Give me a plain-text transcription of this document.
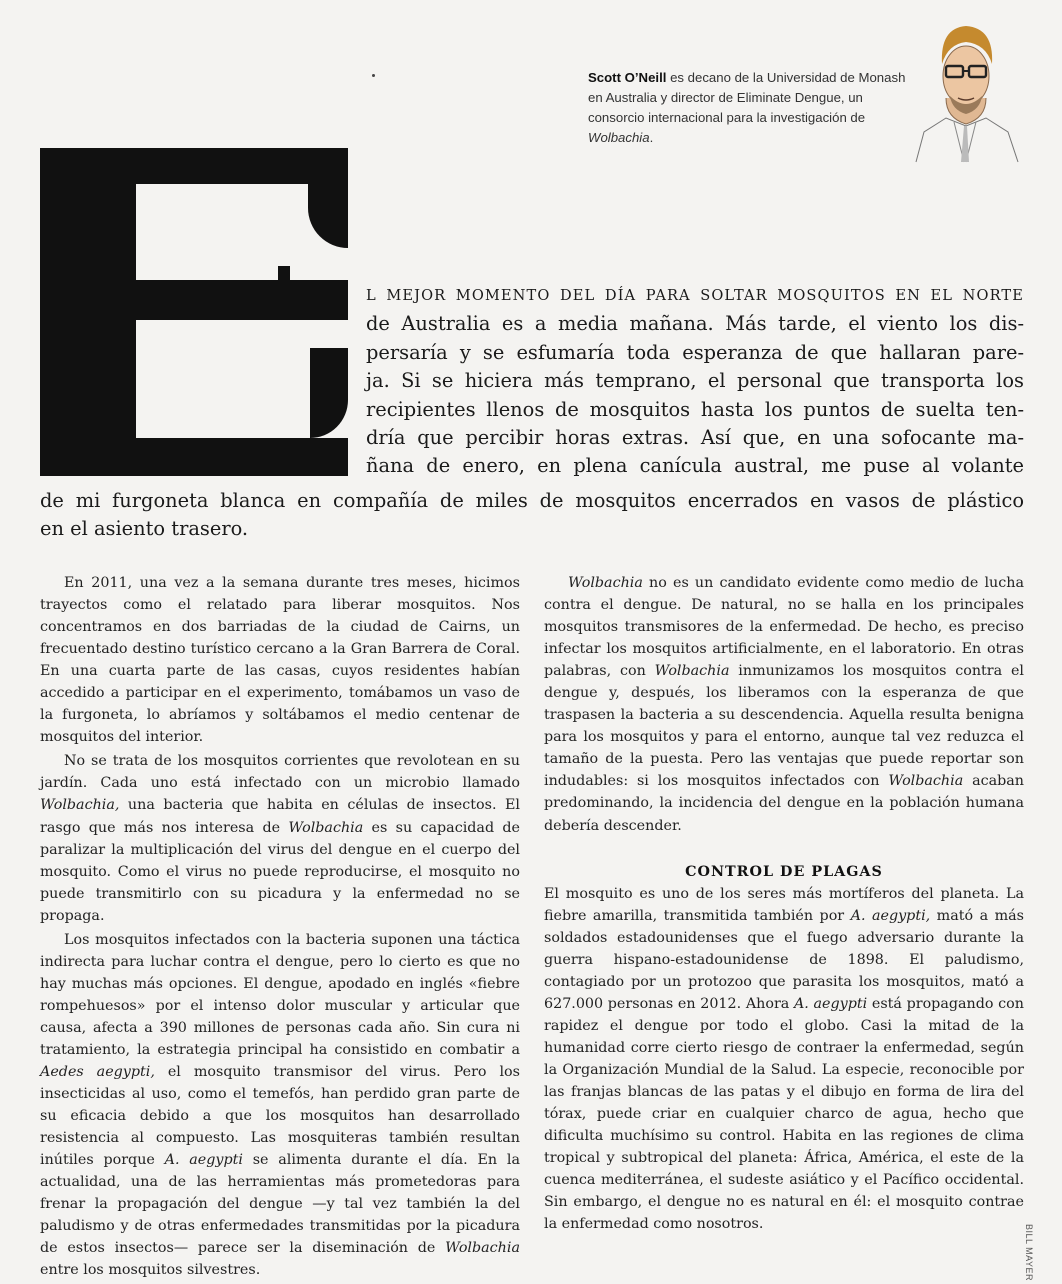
Scott O’Neill es decano de la Universidad de Monash en Australia y director de Eliminate Dengue, un consorcio internacional para la investigación de Wolbachia.
L MEJOR MOMENTO DEL DÍA PARA SOLTAR MOSQUITOS EN EL NORTE
de Australia es a media mañana. Más tarde, el viento los dis-
persaría y se esfumaría toda esperanza de que hallaran pare-
ja. Si se hiciera más temprano, el personal que transporta los
recipientes llenos de mosquitos hasta los puntos de suelta ten-
dría que percibir horas extras. Así que, en una sofocante ma-
ñana de enero, en plena canícula austral, me puse al volante
de mi furgoneta blanca en compañía de miles de mosquitos encerrados en vasos de plástico
en el asiento trasero.

En 2011, una vez a la semana durante tres meses, hicimos trayectos como el relatado para liberar mosquitos. Nos concentramos en dos barriadas de la ciudad de Cairns, un frecuentado destino turístico cercano a la Gran Barrera de Coral. En una cuarta parte de las casas, cuyos residentes habían accedido a participar en el experimento, tomábamos un vaso de la furgoneta, lo abríamos y soltábamos el medio centenar de mosquitos del interior.

No se trata de los mosquitos corrientes que revolotean en su jardín. Cada uno está infectado con un microbio llamado Wolbachia, una bacteria que habita en células de insectos. El rasgo que más nos interesa de Wolbachia es su capacidad de paralizar la multiplicación del virus del dengue en el cuerpo del mosquito. Como el virus no puede reproducirse, el mosquito no puede transmitirlo con su picadura y la enfermedad no se propaga.

Los mosquitos infectados con la bacteria suponen una táctica indirecta para luchar contra el dengue, pero lo cierto es que no hay muchas más opciones. El dengue, apodado en inglés «fiebre rompehuesos» por el intenso dolor muscular y articular que causa, afecta a 390 millones de personas cada año. Sin cura ni tratamiento, la estrategia principal ha consistido en combatir a Aedes aegypti, el mosquito transmisor del virus. Pero los insecticidas al uso, como el temefós, han perdido gran parte de su eficacia debido a que los mosquitos han desarrollado resistencia al compuesto. Las mosquiteras también resultan inútiles porque A. aegypti se alimenta durante el día. En la actualidad, una de las herramientas más prometedoras para frenar la propagación del dengue —y tal vez también la del paludismo y de otras enfermedades transmitidas por la picadura de estos insectos— parece ser la diseminación de Wolbachia entre los mosquitos silvestres.

Wolbachia no es un candidato evidente como medio de lucha contra el dengue. De natural, no se halla en los principales mosquitos transmisores de la enfermedad. De hecho, es preciso infectar los mosquitos artificialmente, en el laboratorio. En otras palabras, con Wolbachia inmunizamos los mosquitos contra el dengue y, después, los liberamos con la esperanza de que traspasen la bacteria a su descendencia. Aquella resulta benigna para los mosquitos y para el entorno, aunque tal vez reduzca el tamaño de la puesta. Pero las ventajas que puede reportar son indudables: si los mosquitos infectados con Wolbachia acaban predominando, la incidencia del dengue en la población humana debería descender.

CONTROL DE PLAGAS

El mosquito es uno de los seres más mortíferos del planeta. La fiebre amarilla, transmitida también por A. aegypti, mató a más soldados estadounidenses que el fuego adversario durante la guerra hispano-estadounidense de 1898. El paludismo, contagiado por un protozoo que parasita los mosquitos, mató a 627.000 personas en 2012. Ahora A. aegypti está propagando con rapidez el dengue por todo el globo. Casi la mitad de la humanidad corre cierto riesgo de contraer la enfermedad, según la Organización Mundial de la Salud. La especie, reconocible por las franjas blancas de las patas y el dibujo en forma de lira del tórax, puede criar en cualquier charco de agua, hecho que dificulta muchísimo su control. Habita en las regiones de clima tropical y subtropical del planeta: África, América, el este de la cuenca mediterránea, el sudeste asiático y el Pacífico occidental. Sin embargo, el dengue no es natural en él: el mosquito contrae la enfermedad como nosotros.	BILL MAYER
